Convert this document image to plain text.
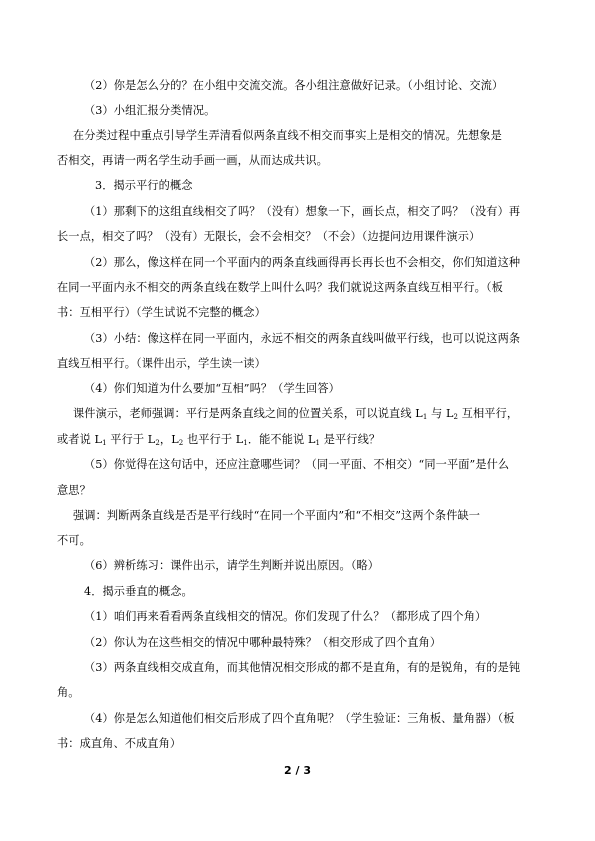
（2）你是怎么分的？在小组中交流交流。各小组注意做好记录。（小组讨论、交流）
（3）小组汇报分类情况。
在分类过程中重点引导学生弄清看似两条直线不相交而事实上是相交的情况。先想象是
否相交，再请一两名学生动手画一画，从而达成共识。
3．揭示平行的概念
（1）那剩下的这组直线相交了吗？（没有）想象一下，画长点，相交了吗？（没有）再
长一点，相交了吗？（没有）无限长，会不会相交？（不会）（边提问边用课件演示）
（2）那么，像这样在同一个平面内的两条直线画得再长再长也不会相交，你们知道这种
在同一平面内永不相交的两条直线在数学上叫什么吗？我们就说这两条直线互相平行。（板
书：互相平行）（学生试说不完整的概念）
（3）小结：像这样在同一平面内，永远不相交的两条直线叫做平行线，也可以说这两条
直线互相平行。（课件出示，学生读一读）
（4）你们知道为什么要加“互相”吗？（学生回答）
课件演示，老师强调：平行是两条直线之间的位置关系，可以说直线 $L_1$ 与 $L_2$ 互相平行，
或者说 $L_1$ 平行于 $L_2$，$L_2$ 也平行于 $L_1$．能不能说 $L_1$ 是平行线？
（5）你觉得在这句话中，还应注意哪些词？（同一平面、不相交）“同一平面”是什么
意思？
强调：判断两条直线是否是平行线时“在同一个平面内”和“不相交”这两个条件缺一
不可。
（6）辨析练习：课件出示，请学生判断并说出原因。（略）
4．揭示垂直的概念。
（1）咱们再来看看两条直线相交的情况。你们发现了什么？（都形成了四个角）
（2）你认为在这些相交的情况中哪种最特殊？（相交形成了四个直角）
（3）两条直线相交成直角，而其他情况相交形成的都不是直角，有的是锐角，有的是钝
角。
（4）你是怎么知道他们相交后形成了四个直角呢？（学生验证：三角板、量角器）（板
书：成直角、不成直角）
2 / 3
